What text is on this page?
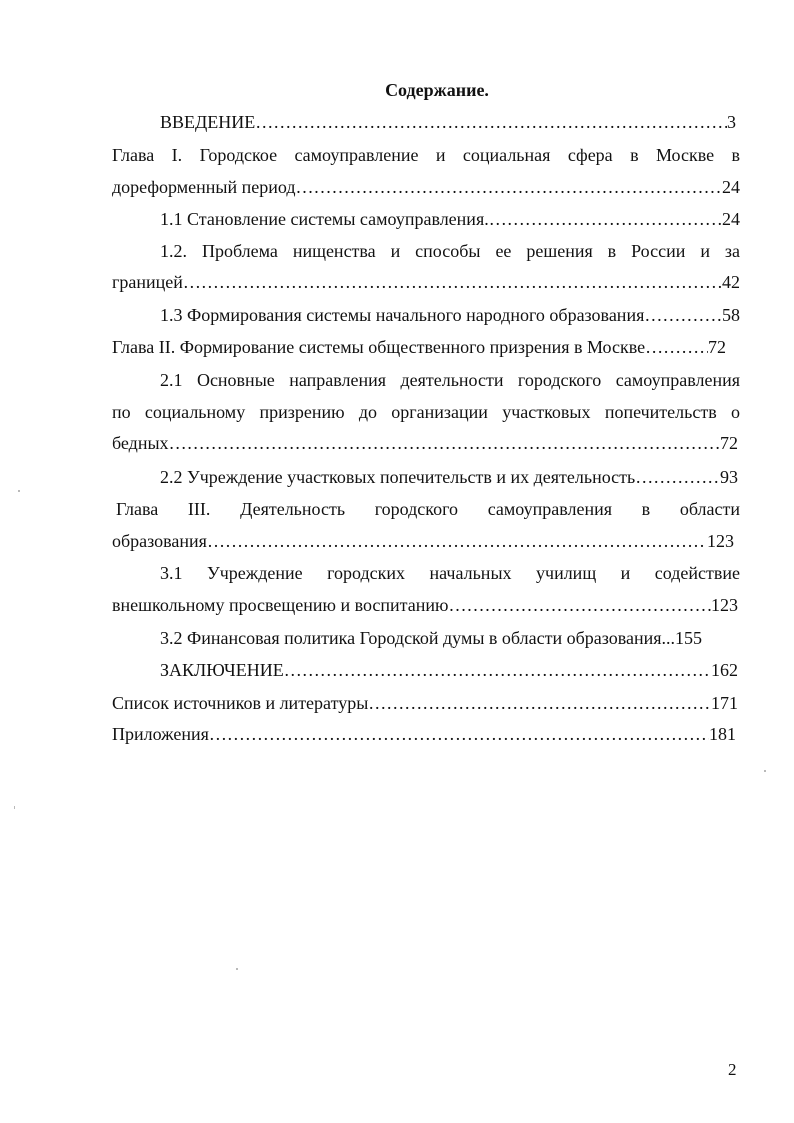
Содержание.
ВВЕДЕНИЕ ……………………………………………………………………………………………………………………………………………………………………………	3
Глава I. Городское самоуправление и социальная сфера в Москве в
дореформенный период ……………………………………………………………………………………………………………………………………………………………………………	24
1.1 Становление системы самоуправления. ……………………………………………………………………………………………………………………………………………………………………………	24
1.2. Проблема нищенства и способы ее решения в России и за
границей ……………………………………………………………………………………………………………………………………………………………………………	42
1.3 Формирования системы начального народного образования ……………………………………………………………………………………………………………………………………………………………………………	58
Глава II. Формирование системы общественного призрения в Москве ……………………………………………………………………………………………………………………………………………………………………………	72
2.1 Основные направления деятельности городского самоуправления
по социальному призрению до организации участковых попечительств о
бедных ……………………………………………………………………………………………………………………………………………………………………………	72
2.2 Учреждение участковых попечительств и их деятельность ……………………………………………………………………………………………………………………………………………………………………………	93
Глава III. Деятельность городского самоуправления в области
образования ……………………………………………………………………………………………………………………………………………………………………………	123
3.1 Учреждение городских начальных училищ и содействие
внешкольному просвещению и воспитанию ……………………………………………………………………………………………………………………………………………………………………………	123
3.2 Финансовая политика Городской думы в области образования... 155
ЗАКЛЮЧЕНИЕ ……………………………………………………………………………………………………………………………………………………………………………	162
Список источников и литературы ……………………………………………………………………………………………………………………………………………………………………………	171
Приложения ……………………………………………………………………………………………………………………………………………………………………………	181
2
